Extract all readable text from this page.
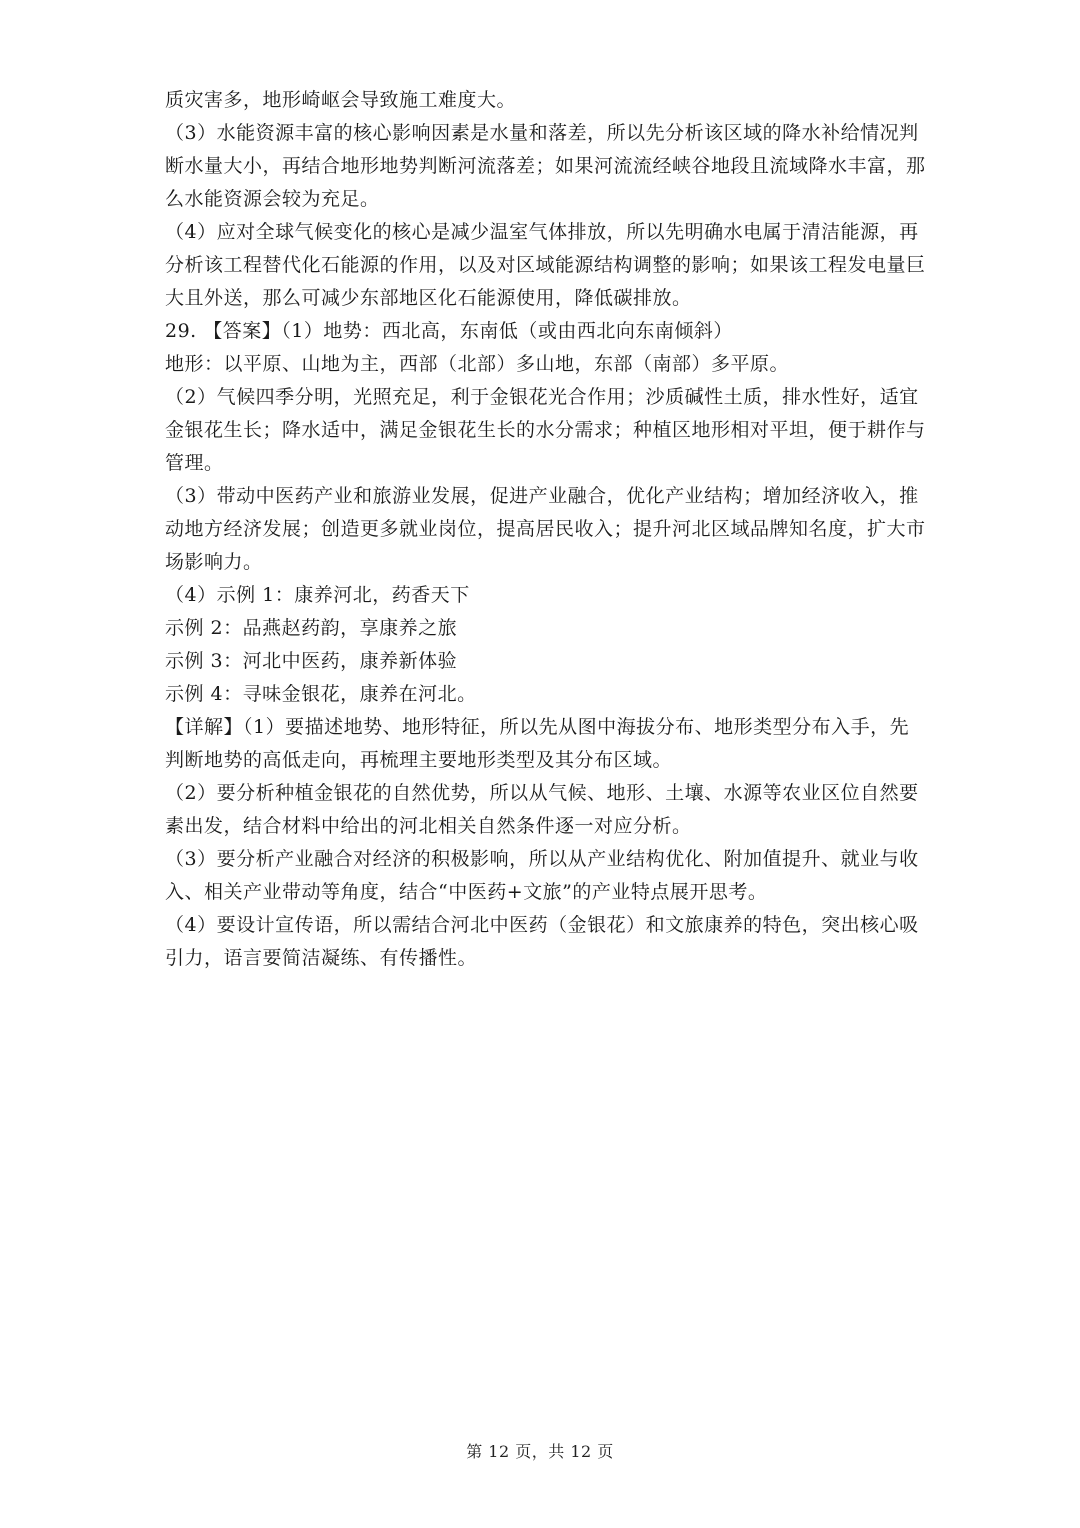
质灾害多，地形崎岖会导致施工难度大。
（3）水能资源丰富的核心影响因素是水量和落差，所以先分析该区域的降水补给情况判
断水量大小，再结合地形地势判断河流落差；如果河流流经峡谷地段且流域降水丰富，那
么水能资源会较为充足。
（4）应对全球气候变化的核心是减少温室气体排放，所以先明确水电属于清洁能源，再
分析该工程替代化石能源的作用，以及对区域能源结构调整的影响；如果该工程发电量巨
大且外送，那么可减少东部地区化石能源使用，降低碳排放。
29. 【答案】（1）地势：西北高，东南低（或由西北向东南倾斜）
地形：以平原、山地为主，西部（北部）多山地，东部（南部）多平原。
（2）气候四季分明，光照充足，利于金银花光合作用；沙质碱性土质，排水性好，适宜
金银花生长；降水适中，满足金银花生长的水分需求；种植区地形相对平坦，便于耕作与
管理。
（3）带动中医药产业和旅游业发展，促进产业融合，优化产业结构；增加经济收入，推
动地方经济发展；创造更多就业岗位，提高居民收入；提升河北区域品牌知名度，扩大市
场影响力。
（4）示例 1：康养河北，药香天下
示例 2：品燕赵药韵，享康养之旅
示例 3：河北中医药，康养新体验
示例 4：寻味金银花，康养在河北。
【详解】（1）要描述地势、地形特征，所以先从图中海拔分布、地形类型分布入手，先
判断地势的高低走向，再梳理主要地形类型及其分布区域。
（2）要分析种植金银花的自然优势，所以从气候、地形、土壤、水源等农业区位自然要
素出发，结合材料中给出的河北相关自然条件逐一对应分析。
（3）要分析产业融合对经济的积极影响，所以从产业结构优化、附加值提升、就业与收
入、相关产业带动等角度，结合“中医药+文旅”的产业特点展开思考。
（4）要设计宣传语，所以需结合河北中医药（金银花）和文旅康养的特色，突出核心吸
引力，语言要简洁凝练、有传播性。
第 12 页，共 12 页
